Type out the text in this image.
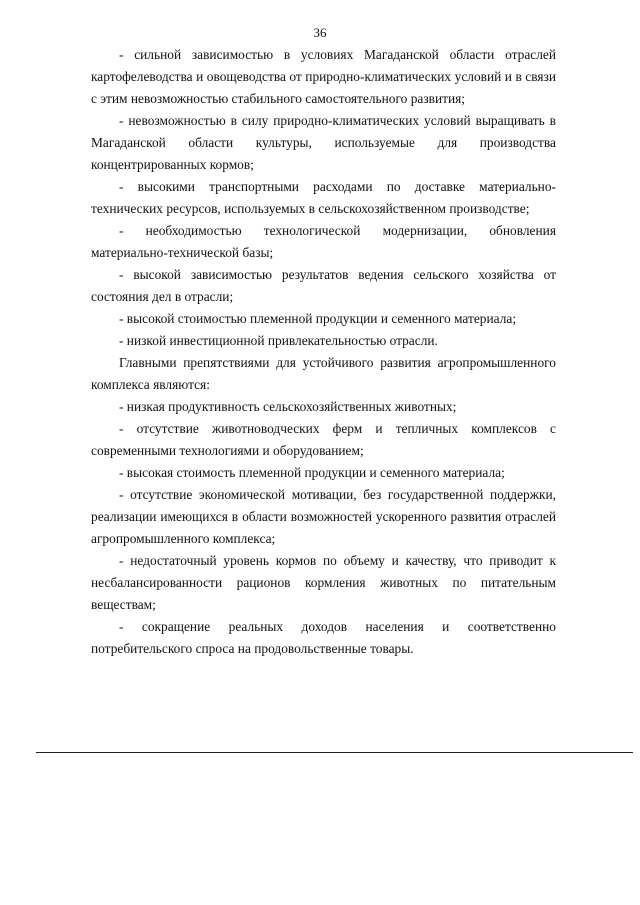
36

- сильной зависимостью в условиях Магаданской области отраслей картофелеводства и овощеводства от природно-климатических условий и в связи с этим невозможностью стабильного самостоятельного развития;

- невозможностью в силу природно-климатических условий выращивать в Магаданской области культуры, используемые для производства концентрированных кормов;

- высокими транспортными расходами по доставке материально-технических ресурсов, используемых в сельскохозяйственном производстве;

- необходимостью технологической модернизации, обновления материально-технической базы;

- высокой зависимостью результатов ведения сельского хозяйства от состояния дел в отрасли;

- высокой стоимостью племенной продукции и семенного материала;

- низкой инвестиционной привлекательностью отрасли.

Главными препятствиями для устойчивого развития агропромышленного комплекса являются:

- низкая продуктивность сельскохозяйственных животных;

- отсутствие животноводческих ферм и тепличных комплексов с современными технологиями и оборудованием;

- высокая стоимость племенной продукции и семенного материала;

- отсутствие экономической мотивации, без государственной поддержки, реализации имеющихся в области возможностей ускоренного развития отраслей агропромышленного комплекса;

- недостаточный уровень кормов по объему и качеству, что приводит к несбалансированности рационов кормления животных по питательным веществам;

- сокращение реальных доходов населения и соответственно потребительского спроса на продовольственные товары.
